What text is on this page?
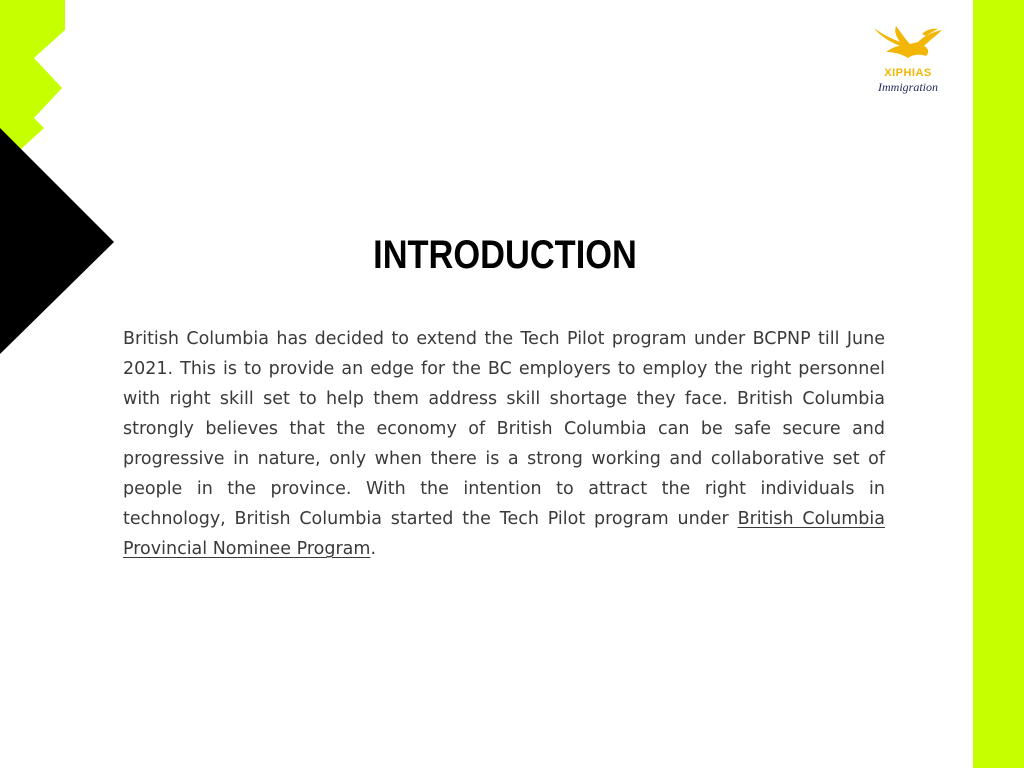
XIPHIAS
Immigration
INTRODUCTION

British Columbia has decided to extend the Tech Pilot program under BCPNP till June 2021. This is to provide an edge for the BC employers to employ the right personnel with right skill set to help them address skill shortage they face. British Columbia strongly believes that the economy of British Columbia can be safe secure and progressive in nature, only when there is a strong working and collaborative set of people in the province. With the intention to attract the right individuals in technology, British Columbia started the Tech Pilot program under British Columbia Provincial Nominee Program.
